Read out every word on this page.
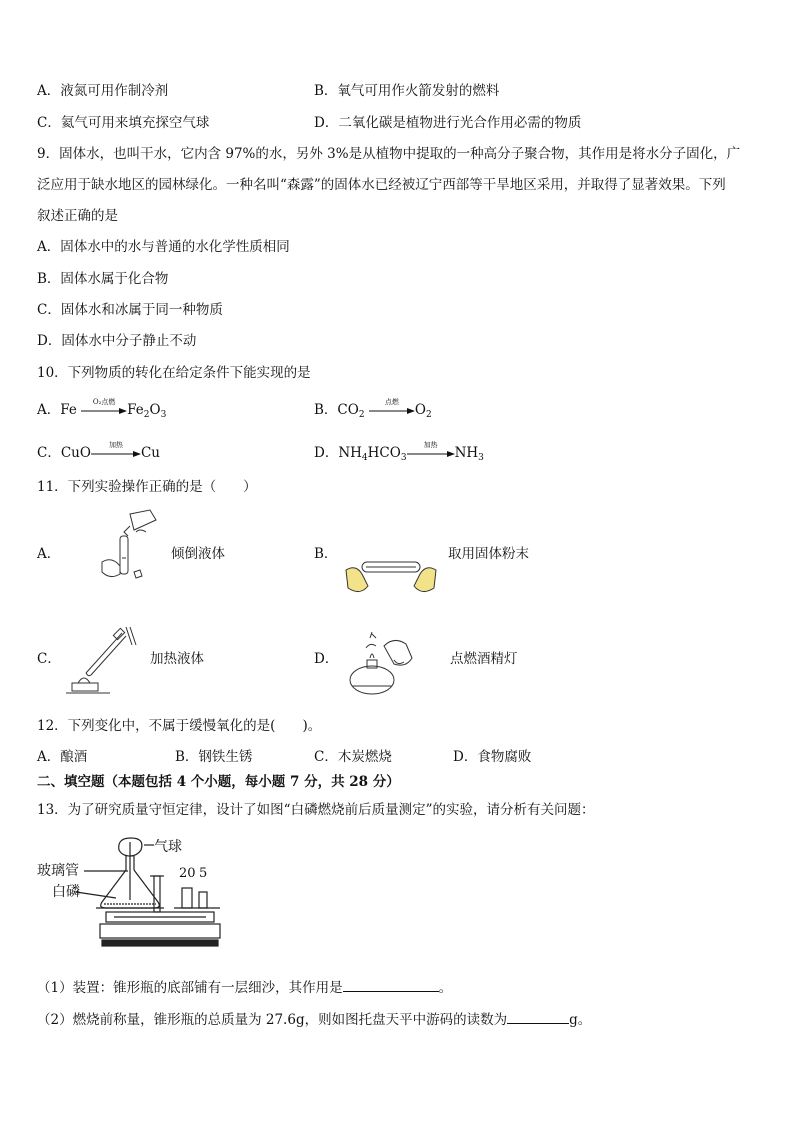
A．液氮可用作制冷剂	B．氧气可用作火箭发射的燃料
C．氦气可用来填充探空气球	D．二氧化碳是植物进行光合作用必需的物质
9．固体水，也叫干水，它内含 97%的水，另外 3%是从植物中提取的一种高分子聚合物，其作用是将水分子固化，广
泛应用于缺水地区的园林绿化。一种名叫“森露”的固体水已经被辽宁西部等干旱地区采用，并取得了显著效果。下列
叙述正确的是
A．固体水中的水与普通的水化学性质相同
B．固体水属于化合物
C．固体水和冰属于同一种物质
D．固体水中分子静止不动
10．下列物质的转化在给定条件下能实现的是
A．Fe
O₂点燃
$Fe_2O_3$	B．$CO_2$
点燃
$O_2$
C．CuO
加热
Cu	D．$NH_4HCO_3$
加热
$NH_3$
11．下列实验操作正确的是（　　）
A．	倾倒液体	B．	取用固体粉末
C．	加热液体	D．	点燃酒精灯
12．下列变化中，不属于缓慢氧化的是(　　)。
A．酿酒	B．钢铁生锈	C．木炭燃烧	D．食物腐败
二、填空题（本题包括 4 个小题，每小题 7 分，共 28 分）
13．为了研究质量守恒定律，设计了如图“白磷燃烧前后质量测定”的实验，请分析有关问题：
气球
玻璃管
白磷
20 5
（1）装置：锥形瓶的底部铺有一层细沙，其作用是	。
（2）燃烧前称量，锥形瓶的总质量为 27.6g，则如图托盘天平中游码的读数为	g。
